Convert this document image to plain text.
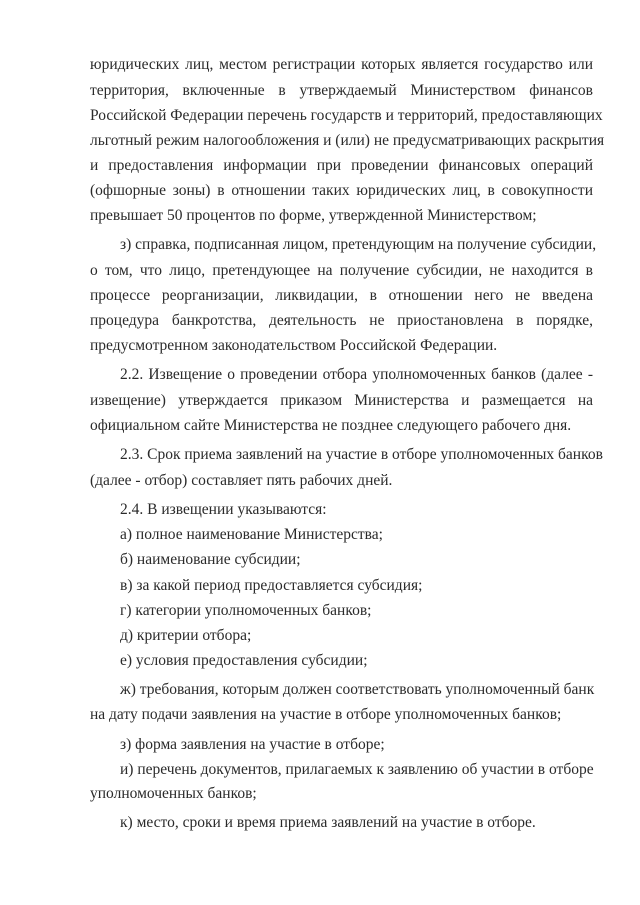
юридических лиц, местом регистрации которых является государство или
территория, включенные в утверждаемый Министерством финансов
Российской Федерации перечень государств и территорий, предоставляющих
льготный режим налогообложения и (или) не предусматривающих раскрытия
и предоставления информации при проведении финансовых операций
(офшорные зоны) в отношении таких юридических лиц, в совокупности
превышает 50 процентов по форме, утвержденной Министерством;
з) справка, подписанная лицом, претендующим на получение субсидии,
о том, что лицо, претендующее на получение субсидии, не находится в
процессе реорганизации, ликвидации, в отношении него не введена
процедура банкротства, деятельность не приостановлена в порядке,
предусмотренном законодательством Российской Федерации.
2.2. Извещение о проведении отбора уполномоченных банков (далее -
извещение) утверждается приказом Министерства и размещается на
официальном сайте Министерства не позднее следующего рабочего дня.
2.3. Срок приема заявлений на участие в отборе уполномоченных банков
(далее - отбор) составляет пять рабочих дней.
2.4. В извещении указываются:
а) полное наименование Министерства;
б) наименование субсидии;
в) за какой период предоставляется субсидия;
г) категории уполномоченных банков;
д) критерии отбора;
е) условия предоставления субсидии;
ж) требования, которым должен соответствовать уполномоченный банк
на дату подачи заявления на участие в отборе уполномоченных банков;
з) форма заявления на участие в отборе;
и) перечень документов, прилагаемых к заявлению об участии в отборе
уполномоченных банков;
к) место, сроки и время приема заявлений на участие в отборе.
